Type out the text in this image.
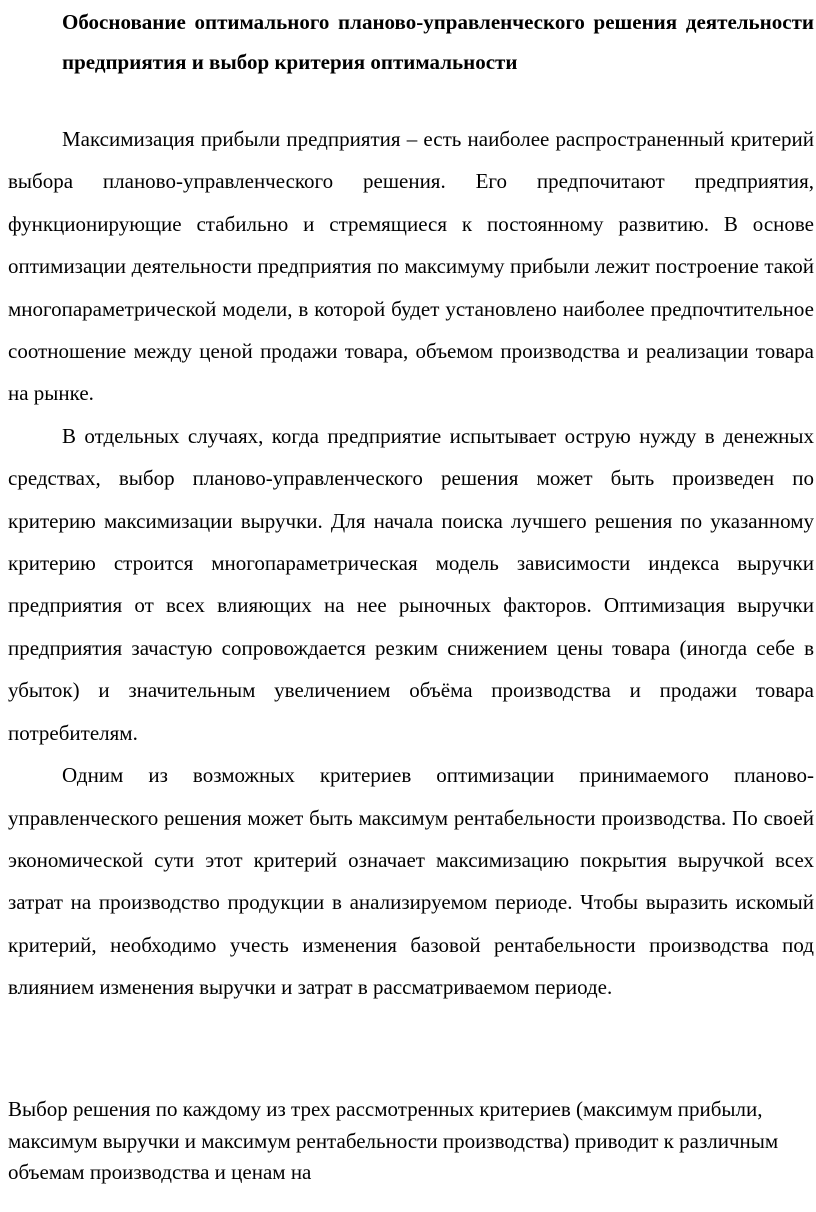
Обоснование оптимального планово-управленческого решения деятельности предприятия и выбор критерия оптимальности

Максимизация прибыли предприятия – есть наиболее распространенный критерий выбора планово-управленческого решения. Его предпочитают предприятия, функционирующие стабильно и стремящиеся к постоянному развитию. В основе оптимизации деятельности предприятия по максимуму прибыли лежит построение такой многопараметрической модели, в которой будет установлено наиболее предпочтительное соотношение между ценой продажи товара, объемом производства и реализации товара на рынке.

В отдельных случаях, когда предприятие испытывает острую нужду в денежных средствах, выбор планово-управленческого решения может быть произведен по критерию максимизации выручки. Для начала поиска лучшего решения по указанному критерию строится многопараметрическая модель зависимости индекса выручки предприятия от всех влияющих на нее рыночных факторов. Оптимизация выручки предприятия зачастую сопровождается резким снижением цены товара (иногда себе в убыток) и значительным увеличением объёма производства и продажи товара потребителям.

Одним из возможных критериев оптимизации принимаемого планово-управленческого решения может быть максимум рентабельности производства. По своей экономической сути этот критерий означает максимизацию покрытия выручкой всех затрат на производство продукции в анализируемом периоде. Чтобы выразить искомый критерий, необходимо учесть изменения базовой рентабельности производства под влиянием изменения выручки и затрат в рассматриваемом периоде.

Выбор решения по каждому из трех рассмотренных критериев (максимум прибыли, максимум выручки и максимум рентабельности производства) приводит к различным объемам производства и ценам на
